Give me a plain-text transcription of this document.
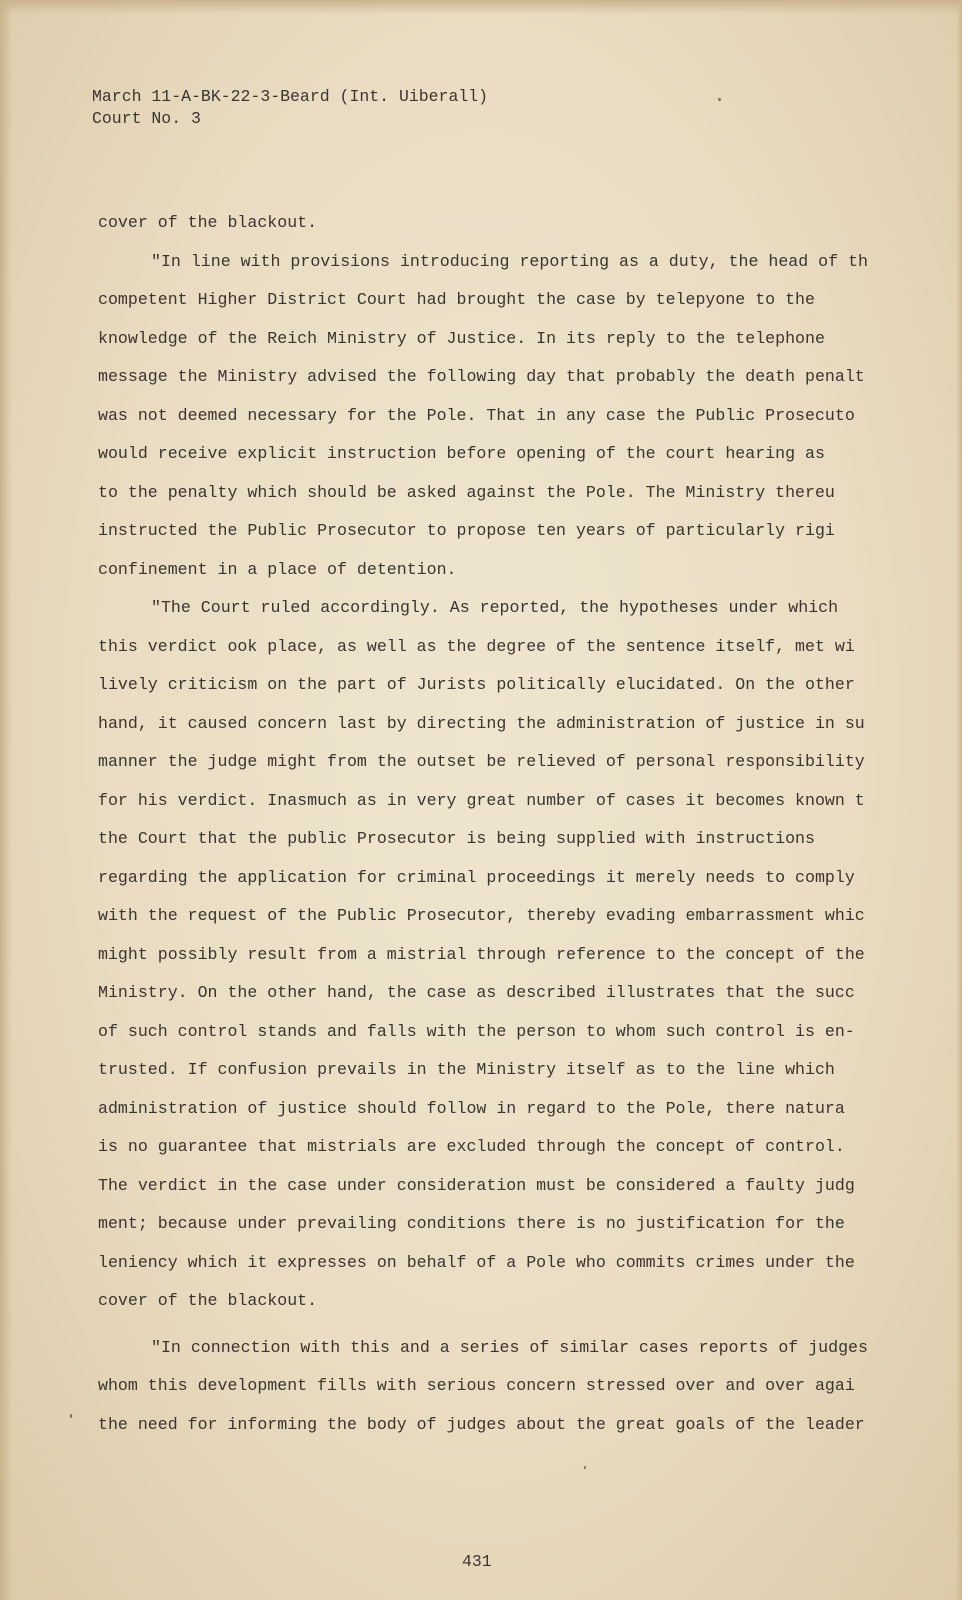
March 11-A-BK-22-3-Beard (Int. Uiberall)
Court No. 3
cover of the blackout.
"In line with provisions introducing reporting as a duty, the head of th
competent Higher District Court had brought the case by telepyone to the
knowledge of the Reich Ministry of Justice. In its reply to the telephone
message the Ministry advised the following day that probably the death penalt
was not deemed necessary for the Pole. That in any case the Public Prosecuto
would receive explicit instruction before opening of the court hearing as
to the penalty which should be asked against the Pole. The Ministry thereu
instructed the Public Prosecutor to propose ten years of particularly rigi
confinement in a place of detention.
"The Court ruled accordingly. As reported, the hypotheses under which
this verdict ook place, as well as the degree of the sentence itself, met wi
lively criticism on the part of Jurists politically elucidated. On the other
hand, it caused concern last by directing the administration of justice in su
manner the judge might from the outset be relieved of personal responsibility
for his verdict. Inasmuch as in very great number of cases it becomes known t
the Court that the public Prosecutor is being supplied with instructions
regarding the application for criminal proceedings it merely needs to comply
with the request of the Public Prosecutor, thereby evading embarrassment whic
might possibly result from a mistrial through reference to the concept of the
Ministry. On the other hand, the case as described illustrates that the succ
of such control stands and falls with the person to whom such control is en-
trusted. If confusion prevails in the Ministry itself as to the line which
administration of justice should follow in regard to the Pole, there natura
is no guarantee that mistrials are excluded through the concept of control.
The verdict in the case under consideration must be considered a faulty judg
ment; because under prevailing conditions there is no justification for the
leniency which it expresses on behalf of a Pole who commits crimes under the
cover of the blackout.
"In connection with this and a series of similar cases reports of judges
whom this development fills with serious concern stressed over and over agai
the need for informing the body of judges about the great goals of the leader
431
